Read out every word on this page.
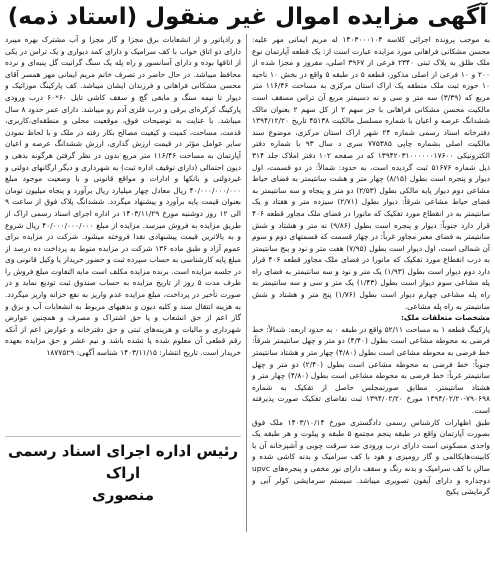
آگهی مزایده اموال غیر منقول (استاد ذمه)

به موجب پرونده اجرائی کلاسه ۱۴۰۳۰۰۰۱۰۴ له مریم ایمانی مهر علیه: محسن مشکانی فراهانی مورد مزایده عبارت است از: یک قطعه آپارتمان نوع ملک طلق به پلاک ثبتی ۲۳۴۰ فرعی از ۳۹۶۷ اصلی، مفروز و مجزا شده از ۲۰۰ و ۱۰ فرعی از اصلی مذکور، قطعه ۵ در طبقه ۵ واقع در بخش ۱۰ ناحیه ۱۰ حوزه ثبت ملک منطقه یک اراک استان مرکزی به مساحت ۱۱۶/۴۶ متر مربع که (۳/۳۹) سه متر و سی و نه دسیمتر مربع آن تراس مسقف است مالکیت محسن مشکانی فراهانی با جز سهم ۲ از کل سهم ۲ بعنوان مالک ششدانگ عرصه و اعیان با شماره مسلسل مالکیت ۴۵۱۳۸ تاریخ ۱۳۹۴/۱۲/۲۰ دفترخانه اسناد رسمی شماره ۲۴ شهر اراک استان مرکزی، موضوع سند مالکیت اصلی بشماره چاپی ۷۷۵۳۸۵ سری د سال ۹۳ با شماره دفتر الکترونیکی ۱۳۹۴۲۰۳۱۰۰۰۰۰۰۱۷۶۰۰ که در صفحه ۱۰۲ دفتر املاک جلد ۳۱۴ ذیل شماره ۵۱۶۷۶ ثبت گردیده است، به حدود: شمالاً: در دو قسمت، اول دیوار و پنجره است بطول (۸/۱۵) چهار متر و هشت سانتیمتر به فضای حیاط مشاعی دوم دیوار پایه مالکی بطول (۲/۵۳) دو متر و پنجاه و سه سانتیمتر به فضای حیاط مشاعی شرقاً: دیوار بطول (۲/۷۱) سیزده متر و هفتاد و یک سانتیمتر به در انقطاع مورد تفکیک که مانورا در فضای ملک مجاور قطعه ۴۰۶ قرار دارد جنوباً: دیوار و پنجره است بطول (۹/۸۶) نه متر و هشتاد و شش سانتیمتر به فضای معبر مجاور غرباً: در چهار قسمت که قسمتهای دوم و سوم آن شمالی است، اول دیوار است بطول (۷/۹۵) هفت متر و نود و پنج سانتیمتر به درب انقطاع مورد تفکیک که مانورا در فضای ملک مجاور قطعه ۴۰۶ قرار دارد دوم دیوار است بطول (۱/۹۳) یک متر و نود و سه سانتیمتر به فضای راه پله مشاعی سوم دیوار است بطول (۱/۴۳) یک متر و سی و سه سانتیمتر به راه پله مشاعی چهارم دیوار است بطول (۱/۷۶) پنج متر و هشتاد و شش سانتیمتر به راه پله مشاعی.

مشخصات متعلقات ملک:

پارکینگ قطعه ۱ به مساحت ۵۲/۱۱ واقع در طبقه ۰ به حدود اربعه: شمالاً: خط فرضی به محوطه مشاعی است بطول (۴/۴۰) دو متر و چهل سانتیمتر شرقاً: خط فرضی به محوطه مشاعی است بطول (۴/۸۰) چهار متر و هشتاد سانتیمتر جنوباً: خط فرضی به محوطه مشاعی است بطول (۲/۴۰) دو متر و چهل سانتیمتر غرباً: خط فرضی به محوطه مشاعی است بطول (۴/۸۰) چهار متر و هشتاد سانتیمتر. مطابق صورتمجلس حاصل از تفکیک به شماره ۷۹۰۶۹۸-۱۳۹۴/۰۲/۲۰ مورخ ۱۳۹۴/۰۲/۲۰ ثبت تقاضای تفکیک صورت پذیرفته است.

طبق اظهارات کارشناس رسمی دادگستری مورخ ۱۴۰۳/۱۰/۱۴ ملک فوق بصورت آپارتمان واقع در طبقه پنجم مجتمع ۵ طبقه و پیلوت و هر طبقه یک واحدی مسکونی است دارای درب ورودی ضد سرقت چوبی و آشپزخانه آن با کابینت‌هایکالمی و گاز رومیزی و هود با کف سرامیک و بدنه کاشی شده و سالن با کف سرامیک و بدنه رنگ و سقف دارای نور مخفی و پنجره‌های upvc دوجداره و دارای آیفون تصویری میباشد. سیستم سرمایشی کولر آبی و گرمایشی پکیج

و رادیاتور و از انشعابات برق مجزا و گاز مجزا و آب مشترک بهره میبرد دارای دو اتاق خواب با کف سرامیک و دارای کمد دیواری و یک تراس در یکی از اتاقها بوده و دارای آسانسور و راه پله یک سنگ گرانیت گل پنبه‌ای و نرده محافظ میباشد. در حال حاضر در تصرف خانم مریم ایمانی مهر همسر آقای محسن مشکانی فراهانی و فرزندان ایشان میباشد. کف پارکینگ موزائیک و دیوار تا نیمه سنگ و مابقی گچ و سقف کاشی تایل ۶۰*۶۰ درب ورودی پارکینگ کرکره‌ای برقی و درب فلزی آدم رو میباشد. دارای عمر حدود ۸ سال میباشد. با عنایت به توضیحات فوق، موقعیت محلی و منطقه‌ای،کاربری، قدمت، مساحت، کمیت و کیفیت مصالح بکار رفته در ملک و با لحاظ نمودن سایر عوامل مؤثر در قیمت ارزش گذاری، ارزش ششدانگ عرصه و اعیان آپارتمان به مساحت ۱۱۶/۴۶ متر مربع بدون در نظر گرفتن هرگونه بدهی و دیون احتمالی (دارای توقیف اداره ثبت) به شهرداری و دیگر ارگانهای دولتی و غیردولتی و بانکها و ادارات و مواقع قانونی و با وضعیت موجود مبلغ ۴۰/۰۰۰/۰۰۰/۰۰۰ ریال معادل چهار میلیارد ریال برآورد و پنجاه میلیون تومان بعنوان قیمت پایه برآورد و پیشنهاد میگردد. ششدانگ پلاک فوق از ساعت ۹ الی ۱۲ روز دوشنبه مورخ ۱۴۰۳/۱۱/۲۹ در اداره اجرای اسناد رسمی اراک از طریق مزایده به فروش میرسد. مزایده از مبلغ ۴۰/۰۰۰/۰۰۰/۰۰۰ ریال شروع و به بالاترین قیمت پیشنهادی نقدا فروخته میشود. شرکت در مزایده برای عموم آزاد و طبق ماده ۱۳۶ شرکت در مزایده منوط به پرداخت ده درصد از مبلغ پایه کارشناسی به حساب سپرده ثبت و حضور خریدار یا وکیل قانونی وی در جلسه مزایده است. برنده مزایده مکلف است مابه التفاوت مبلغ فروش را ظرف مدت ۵ روز از تاریخ مزایده به حساب صندوق ثبت تودیع نماید و در صورت تأخیر در پرداخت، مبلغ مزایده عدم واریز به نفع خزانه واریز میگردد. به هزینه انتقال سند و کلیه دیون و بدهیهای مربوط به انشعابات آب و برق و گاز اعم از حق انشعاب و یا حق اشتراک و مصرف و همچنین عوارض شهرداری و مالیات و هزینه‌های ثبتی و حق دفترخانه و عوارض اعم از آنکه رقم قطعی آن معلوم شده یا نشده باشد و نیم عشر و حق مزایده بعهده خریدار است. تاریخ انتشار: ۱۴۰۳/۱۱/۱۵ شناسه آگهی: ۱۸۷۷۵۲۹

رئیس اداره اجرای اسناد رسمی اراک
منصوری
